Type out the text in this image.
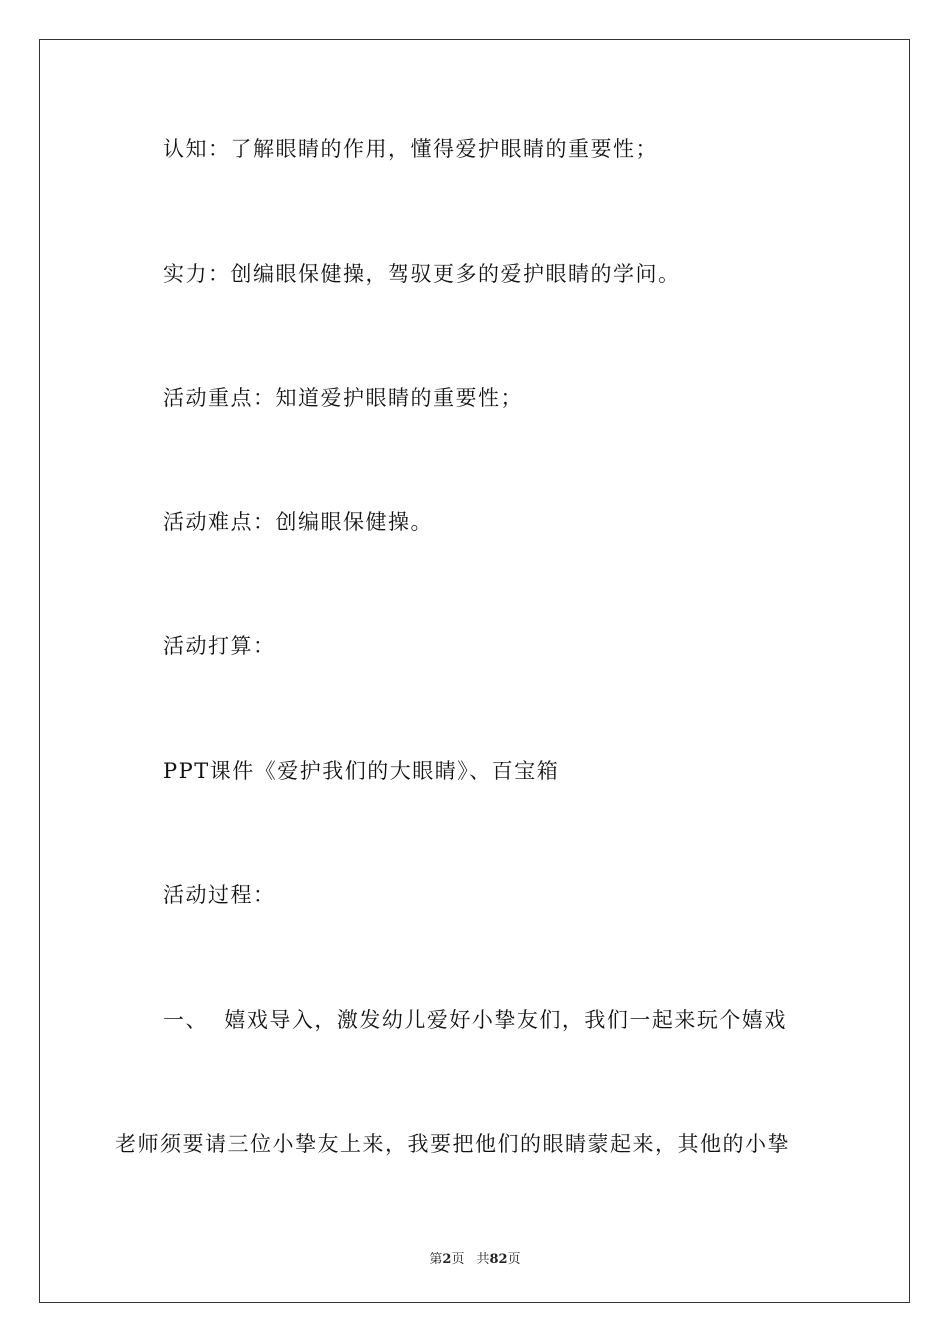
认知：了解眼睛的作用，懂得爱护眼睛的重要性；
实力：创编眼保健操，驾驭更多的爱护眼睛的学问。
活动重点：知道爱护眼睛的重要性；
活动难点：创编眼保健操。
活动打算：
PPT课件《爱护我们的大眼睛》、百宝箱
活动过程：
一、  嬉戏导入，激发幼儿爱好小挚友们，我们一起来玩个嬉戏
老师须要请三位小挚友上来，我要把他们的眼睛蒙起来，其他的小挚
第2页 共82页
